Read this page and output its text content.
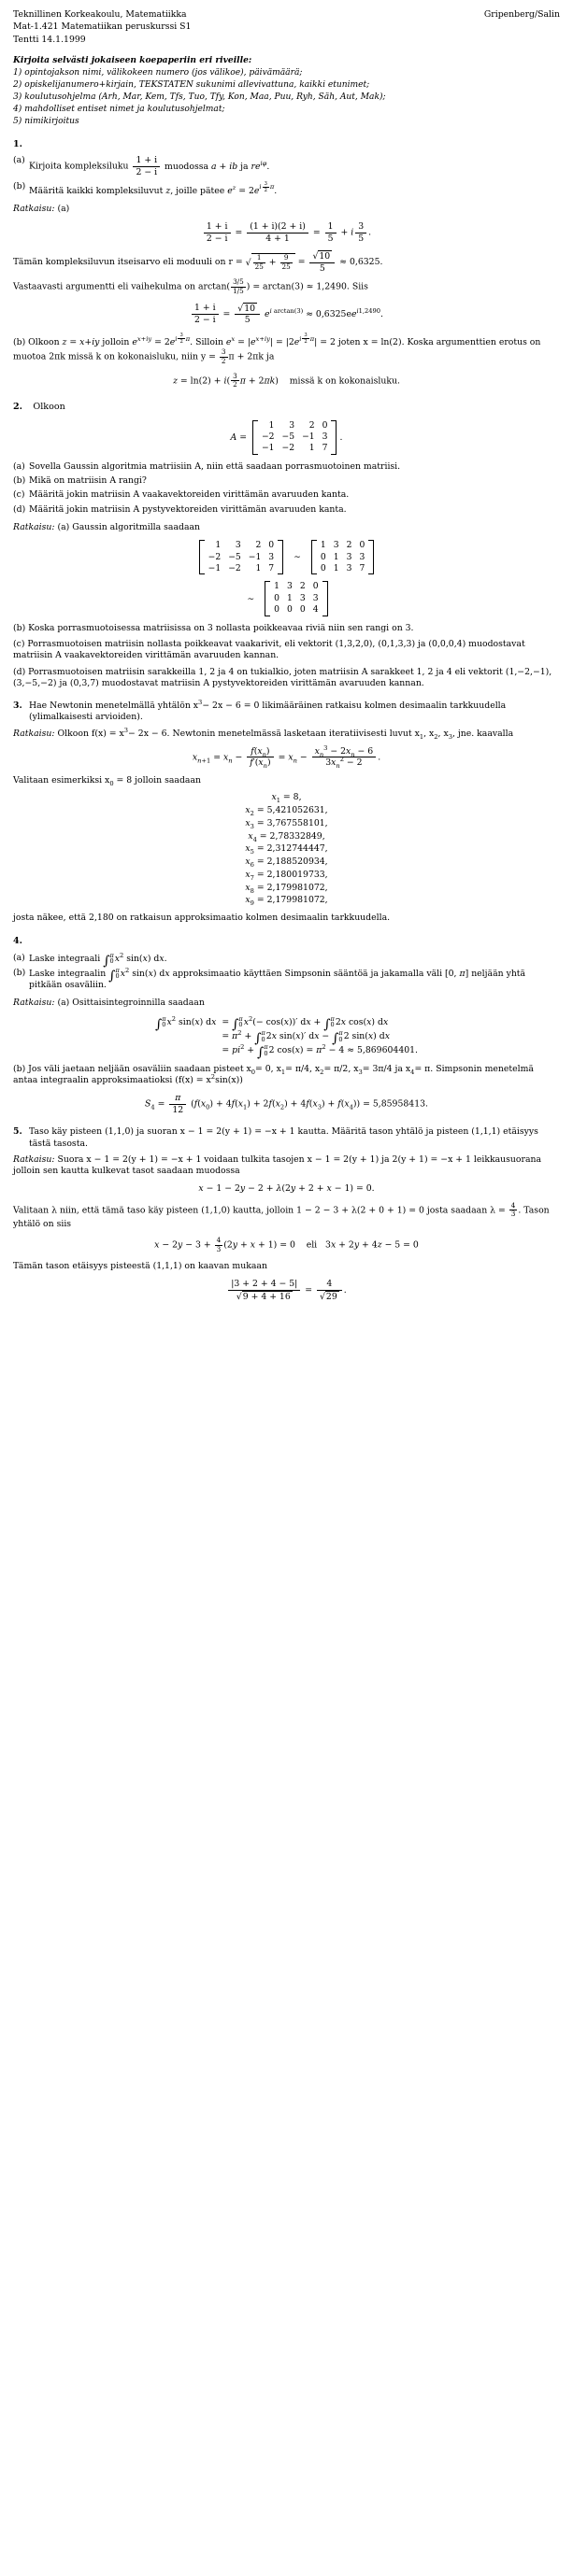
Teknillinen Korkeakoulu, Matematiikka
Mat-1.421 Matematiikan peruskurssi S1
Tentti 14.1.1999
Gripenberg/Salin

Kirjoita selvästi jokaiseen koepaperiin eri riveille:

1) opintojakson nimi, välikokeen numero (jos välikoe), päivämäärä;

2) opiskelijanumero+kirjain, TEKSTATEN sukunimi allevivattuna, kaikki etunimet;

3) koulutusohjelma (Arh, Mar, Kem, Tfs, Tuo, Tfy, Kon, Maa, Puu, Ryh, Säh, Aut, Mak);

4) mahdolliset entiset nimet ja koulutusohjelmat;

5) nimikirjoitus

1.
(a)
Kirjoita kompleksiluku $\frac{1 + i}{2 - i}$ muodossa a + ib ja $re^{i\varphi}$.
(b) Määritä kaikki kompleksiluvut z, joille pätee $e^z = 2e^{i \frac{3}{2} \pi}$.
Ratkaisu: (a)
$\frac{1 + i}{2 - i} = \frac{(1 + i)(2 + i)}{4 + 1} = \frac{1}{5} + i \frac{3}{5}$ .
Tämän kompleksiluvun itseisarvo eli moduuli on r = √ $\frac{1}{25} + \frac{9}{25} = \frac{√10}{5} \approx 0,6325$.
Vastaavasti argumentti eli vaihekulma on $\arctan( \frac{3/5}{1/5}$ ) = arctan(3) ≈ 1,2490. Siis
$\frac{1 + i}{2 - i} = \frac{√10}{5} e^{i arctan(3)} \approx 0,6325ee^{i1,2490}$.
(b) Olkoon z = x+iy jolloin $e^{x+iy} = 2e^{i \frac{3}{2} \pi}$. Silloin $e^x = |e^{x+iy}| = |2e^{i \frac{3}{2} \pi}| = 2$ joten x = ln(2). Koska argumenttien erotus on muotoa 2πk missä k on kokonaisluku, niin $y = \frac{3}{2}$ π + 2πk ja
$z = \ln(2) + i( \frac{3}{2}$ π + 2πk)    missä k on kokonaisluku.
2. Olkoon
A =
1	3	2	0
−2	−5	−1	3
−1	−2	1	7
.
(a) Sovella Gaussin algoritmia matriisiin A, niin että saadaan porrasmuotoinen matriisi.
(b) Mikä on matriisin A rangi?
(c) Määritä jokin matriisin A vaakavektoreiden virittämän avaruuden kanta.
(d) Määritä jokin matriisin A pystyvektoreiden virittämän avaruuden kanta.
Ratkaisu: (a) Gaussin algoritmilla saadaan
1	3	2	0
−2	−5	−1	3
−1	−2	1	7
∼
1	3	2	0
0	1	3	3
0	1	3	7
∼
1	3	2	0
0	1	3	3
0	0	0	4
(b) Koska porrasmuotoisessa matriisissa on 3 nollasta poikkeavaa riviä niin sen rangi on 3.
(c) Porrasmuotoisen matriisin nollasta poikkeavat vaakarivit, eli vektorit (1,3,2,0), (0,1,3,3) ja (0,0,0,4) muodostavat matriisin A vaakavektoreiden virittämän avaruuden kannan.
(d) Porrasmuotoisen matriisin sarakkeilla 1, 2 ja 4 on tukialkio, joten matriisin A sarakkeet 1, 2 ja 4 eli vektorit (1,−2,−1), (3,−5,−2) ja (0,3,7) muodostavat matriisin A pystyvektoreiden virittämän avaruuden kannan.
3. Hae Newtonin menetelmällä yhtälön $x^3- 2x - 6 = 0$ likimääräinen ratkaisu kolmen desimaalin tarkkuudella (ylimalkaisesti arvioiden).
Ratkaisu: Olkoon $f(x) = x^3- 2x - 6$. Newtonin menetelmässä lasketaan iteratiivisesti luvut $x_1$, $x_2$, $x_3$, jne. kaavalla
$x_{n+1} = x_n - \frac{f(x_n)}{f'(x_n)} = x_n - \frac{x_n^3 - 2x_n - 6}{3x_n^2 - 2}$ .
Valitaan esimerkiksi $x_0 = 8$ jolloin saadaan
$x_1 = 8$,
$x_2 = 5,421052631$,
$x_3 = 3,767558101$,
$x_4 = 2,78332849$,
$x_5 = 2,312744447$,
$x_6 = 2,188520934$,
$x_7 = 2,180019733$,
$x_8 = 2,179981072$,
$x_9 = 2,179981072$,
josta näkee, että 2,180 on ratkaisun approksimaatio kolmen desimaalin tarkkuudella.
4.
(a) Laske integraali ∫ π
0 $x^2$ sin(x) dx.
(b) Laske integraalin ∫ π
0 $x^2$ sin(x) dx approksimaatio käyttäen Simpsonin sääntöä ja jakamalla väli [0, π] neljään yhtä pitkään osaväliin.
Ratkaisu: (a) Osittaisintegroinnilla saadaan
∫ π
0 $x^2$ sin(x) dx	= ∫ π
0 $x^2(- \cos(x))'$ dx + ∫ π
0 2x cos(x) dx
	= $\pi^2$ + ∫ π
0 2x sin(x)′ dx − ∫ π
0 2 sin(x) dx
	= $pi^2$ + ∫ π
0 2 $\cos(x) = \pi^2 - 4 \approx 5,869604401$.
(b) Jos väli jaetaan neljään osaväliin saadaan pisteet $x_0= 0$, $x_1= \pi/4$, $x_2= \pi/2$, $x_3= 3\pi/4$ ja $x_4= \pi$. Simpsonin menetelmä antaa integraalin approksimaatioksi $(f(x) = x^2\sin(x))$
$S_4 = \frac{\pi}{12} (f(x_0) + 4f(x_1) + 2f(x_2) + 4f(x_3) + f(x_4)) = 5,85958413$.
5. Taso käy pisteen (1,1,0) ja suoran x − 1 = 2(y + 1) = −x + 1 kautta. Määritä tason yhtälö ja pisteen (1,1,1) etäisyys tästä tasosta.
Ratkaisu: Suora x − 1 = 2(y + 1) = −x + 1 voidaan tulkita tasojen x − 1 = 2(y + 1) ja 2(y + 1) = −x + 1 leikkausuorana jolloin sen kautta kulkevat tasot saadaan muodossa
x − 1 − 2y − 2 + λ(2y + 2 + x − 1) = 0.
Valitaan λ niin, että tämä taso käy pisteen (1,1,0) kautta, jolloin 1 − 2 − 3 + λ(2 + 0 + 1) = 0 josta saadaan $\lambda = \frac{4}{3}$ . Tason yhtälö on siis
$x - 2y - 3 + \frac{4}{3} (2y + x + 1) = 0$    eli   3x + 2y + 4z − 5 = 0
Tämän tason etäisyys pisteestä (1,1,1) on kaavan mukaan
$\frac{|3 + 2 + 4 - 5|}{√9 + 4 + 16} = \frac{4}{√29}$ .
